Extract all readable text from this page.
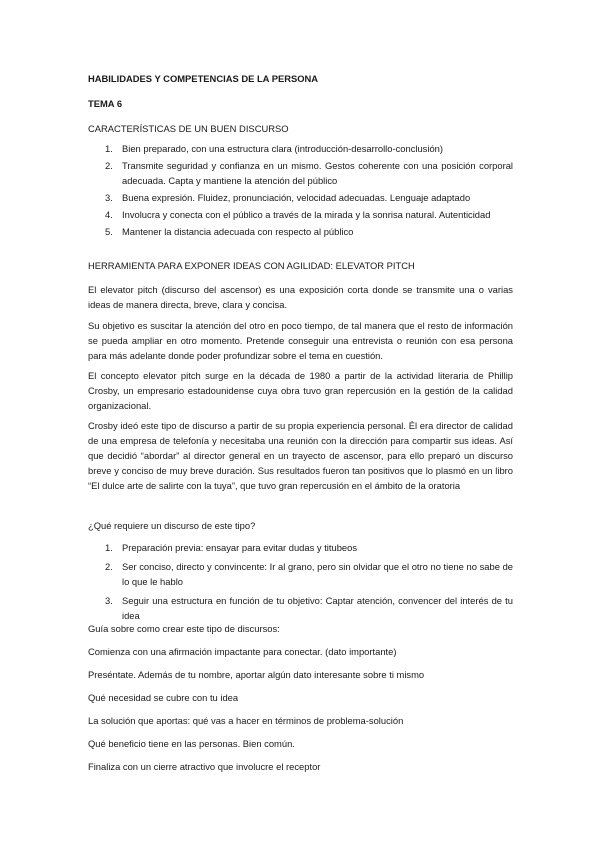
HABILIDADES Y COMPETENCIAS DE LA PERSONA

TEMA 6

CARACTERÍSTICAS DE UN BUEN DISCURSO

1. Bien preparado, con una estructura clara (introducción-desarrollo-conclusión)
2. Transmite seguridad y confianza en un mismo. Gestos coherente con una posición corporal adecuada. Capta y mantiene la atención del público
3. Buena expresión. Fluidez, pronunciación, velocidad adecuadas. Lenguaje adaptado
4. Involucra y conecta con el público a través de la mirada y la sonrisa natural. Autenticidad
5. Mantener la distancia adecuada con respecto al público

HERRAMIENTA PARA EXPONER IDEAS CON AGILIDAD: ELEVATOR PITCH

El elevator pitch (discurso del ascensor) es una exposición corta donde se transmite una o varias ideas de manera directa, breve, clara y concisa.

Su objetivo es suscitar la atención del otro en poco tiempo, de tal manera que el resto de información se pueda ampliar en otro momento. Pretende conseguir una entrevista o reunión con esa persona para más adelante donde poder profundizar sobre el tema en cuestión.

El concepto elevator pitch surge en la década de 1980 a partir de la actividad literaria de Phillip Crosby, un empresario estadounidense cuya obra tuvo gran repercusión en la gestión de la calidad organizacional.

Crosby ideó este tipo de discurso a partir de su propia experiencia personal. Él era director de calidad de una empresa de telefonía y necesitaba una reunión con la dirección para compartir sus ideas. Así que decidió “abordar” al director general en un trayecto de ascensor, para ello preparó un discurso breve y conciso de muy breve duración. Sus resultados fueron tan positivos que lo plasmó en un libro “El dulce arte de salirte con la tuya”, que tuvo gran repercusión en el ámbito de la oratoria

¿Qué requiere un discurso de este tipo?

1. Preparación previa: ensayar para evitar dudas y titubeos
2. Ser conciso, directo y convincente: Ir al grano, pero sin olvidar que el otro no tiene no sabe de lo que le hablo
3. Seguir una estructura en función de tu objetivo: Captar atención, convencer del interés de tu idea

Guía sobre como crear este tipo de discursos:

Comienza con una afirmación impactante para conectar. (dato importante)

Preséntate. Además de tu nombre, aportar algún dato interesante sobre ti mismo

Qué necesidad se cubre con tu idea

La solución que aportas: qué vas a hacer en términos de problema-solución

Qué beneficio tiene en las personas. Bien común.

Finaliza con un cierre atractivo que involucre el receptor
